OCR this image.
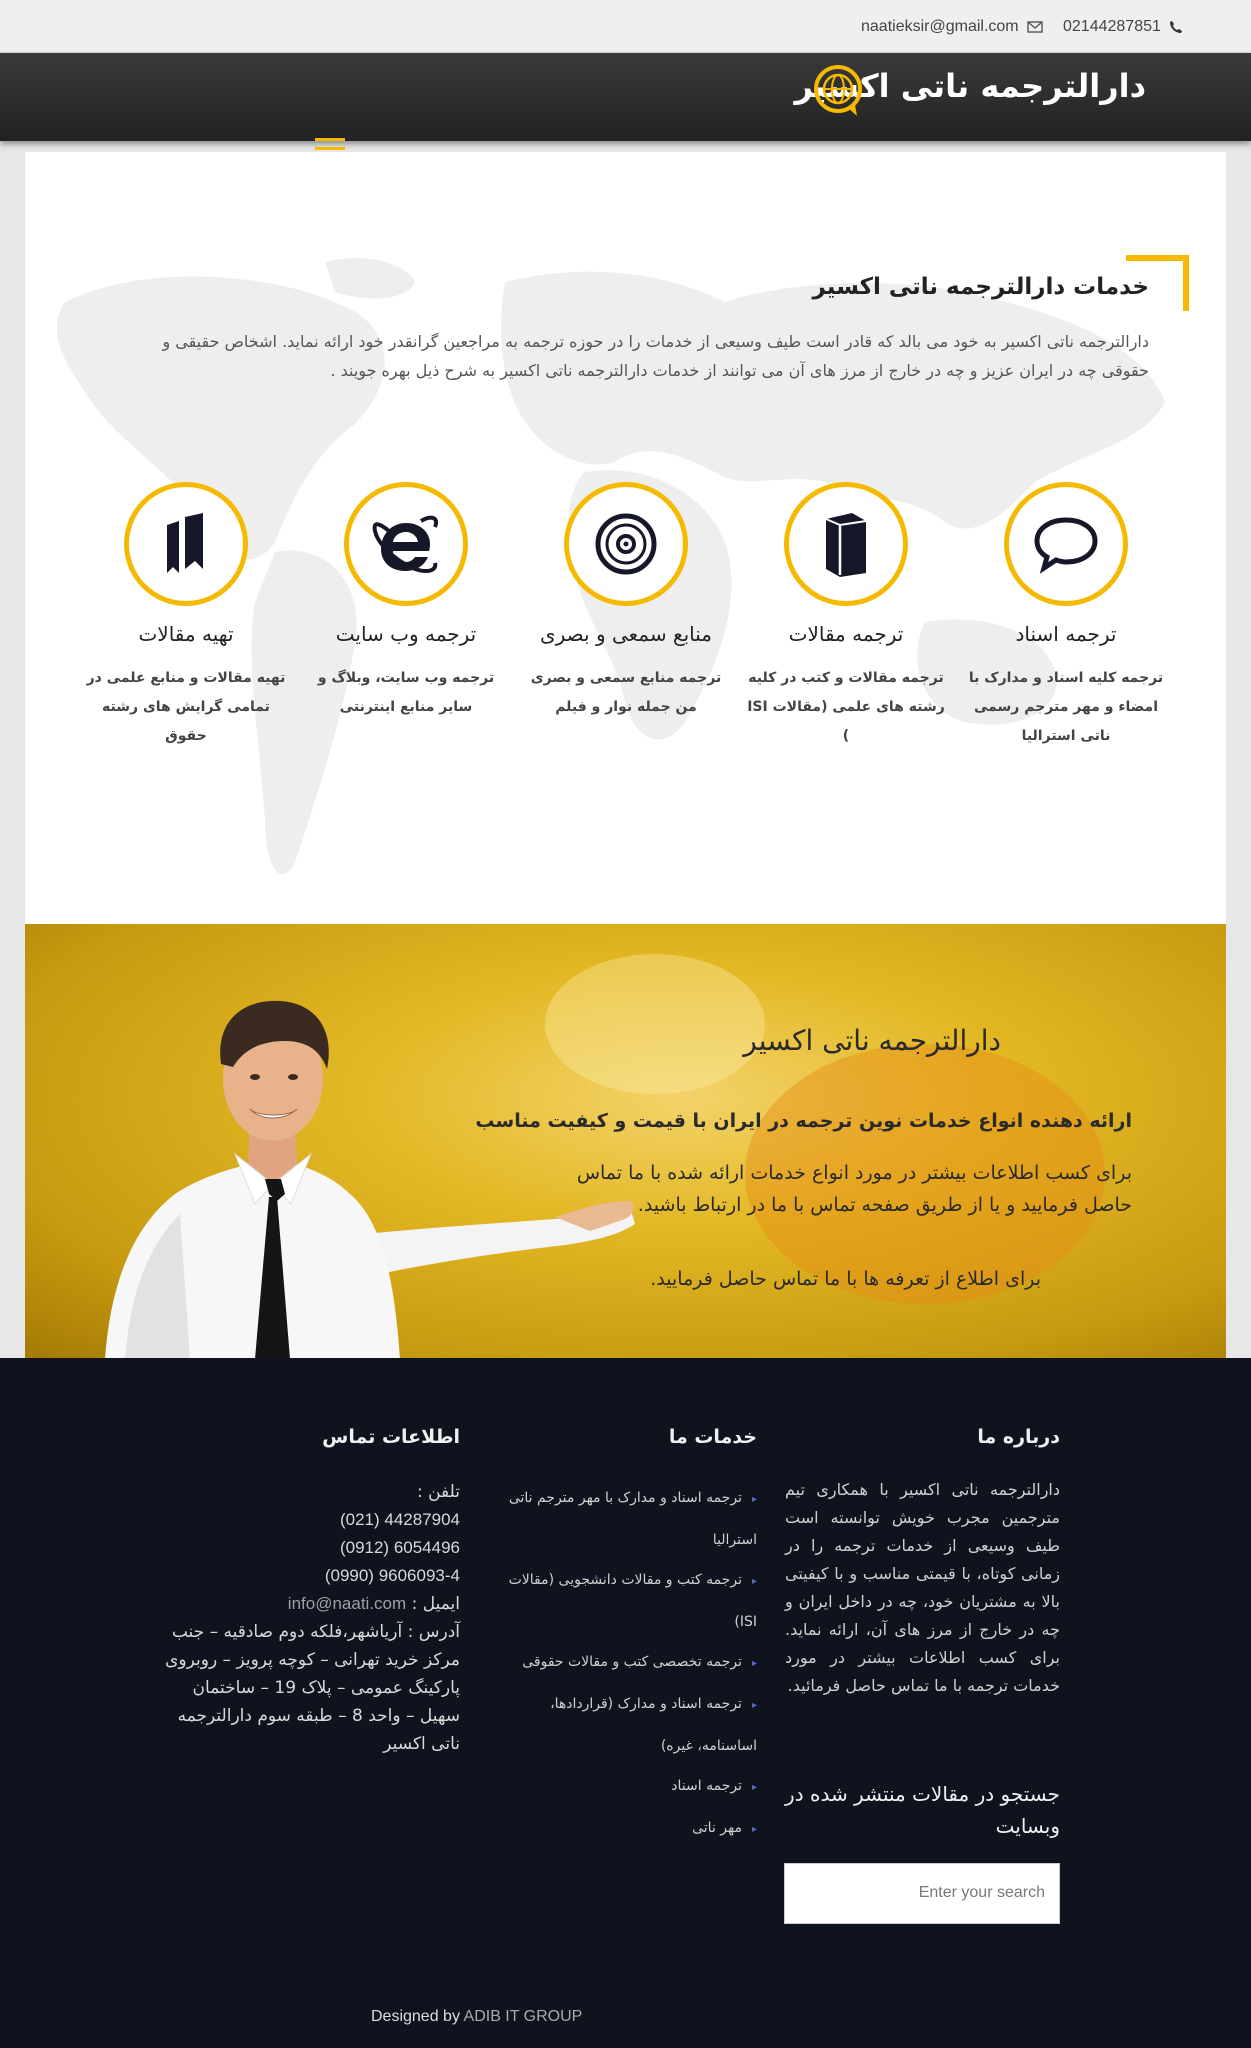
naatieksir@gmail.com	02144287851
دارالترجمه ناتی اکسیر
خدمات دارالترجمه ناتی اکسیر

دارالترجمه ناتی اکسیر به خود می بالد که قادر است طیف وسیعی از خدمات را در حوزه ترجمه به مراجعین گرانقدر خود ارائه نماید. اشخاص حقیقی و حقوقی چه در ایران عزیز و چه در خارج از مرز های آن می توانند از خدمات دارالترجمه ناتی اکسیر به شرح ذیل بهره جویند .

ترجمه اسناد
ترجمه کلیه اسناد و مدارک با امضاء و مهر مترجم رسمی ناتی استرالیا
ترجمه مقالات
ترجمه مقالات و کتب در کلیه رشته های علمی (مقالات ISI )
منابع سمعی و بصری
ترجمه منابع سمعی و بصری من جمله نوار و فیلم
ترجمه وب سایت
ترجمه وب سایت، وبلاگ و سایر منابع اینترنتی
تهیه مقالات
تهیه مقالات و منابع علمی در تمامی گرایش های رشته حقوق
دارالترجمه ناتی اکسیر
ارائه دهنده انواع خدمات نوین ترجمه در ایران با قیمت و کیفیت مناسب
برای کسب اطلاعات بیشتر در مورد انواع خدمات ارائه شده با ما تماس حاصل فرمایید و یا از طریق صفحه تماس با ما در ارتباط باشید.
برای اطلاع از تعرفه ها با ما تماس حاصل فرمایید.
درباره ما

دارالترجمه ناتی اکسیر با همکاری تیم مترجمین مجرب خویش توانسته است طیف وسیعی از خدمات ترجمه را در زمانی کوتاه، با قیمتی مناسب و با کیفیتی بالا به مشتریان خود، چه در داخل ایران و چه در خارج از مرز های آن، ارائه نماید. برای کسب اطلاعات بیشتر در مورد خدمات ترجمه با ما تماس حاصل فرمائید.

جستجو در مقالات منتشر شده در وبسایت
Enter your search
خدمات ما
▸ترجمه اسناد و مدارک با مهر مترجم ناتی استرالیا
▸ترجمه کتب و مقالات دانشجویی (مقالات ISI)
▸ترجمه تخصصی کتب و مقالات حقوقی
▸ترجمه اسناد و مدارک (قراردادها، اساسنامه، غیره)
▸ترجمه اسناد
▸مهر ناتی
اطلاعات تماس
تلفن :
(021) 44287904
(0912) 6054496
(0990) 9606093-4
ایمیل : info@naati.com
آدرس : آریاشهر،فلکه دوم صادقیه – جنب مرکز خرید تهرانی – کوچه پرویز – روبروی پارکینگ عمومی – پلاک 19 – ساختمان سهیل – واحد 8 – طبقه سوم دارالترجمه ناتی اکسیر
Designed by ADIB IT GROUP
